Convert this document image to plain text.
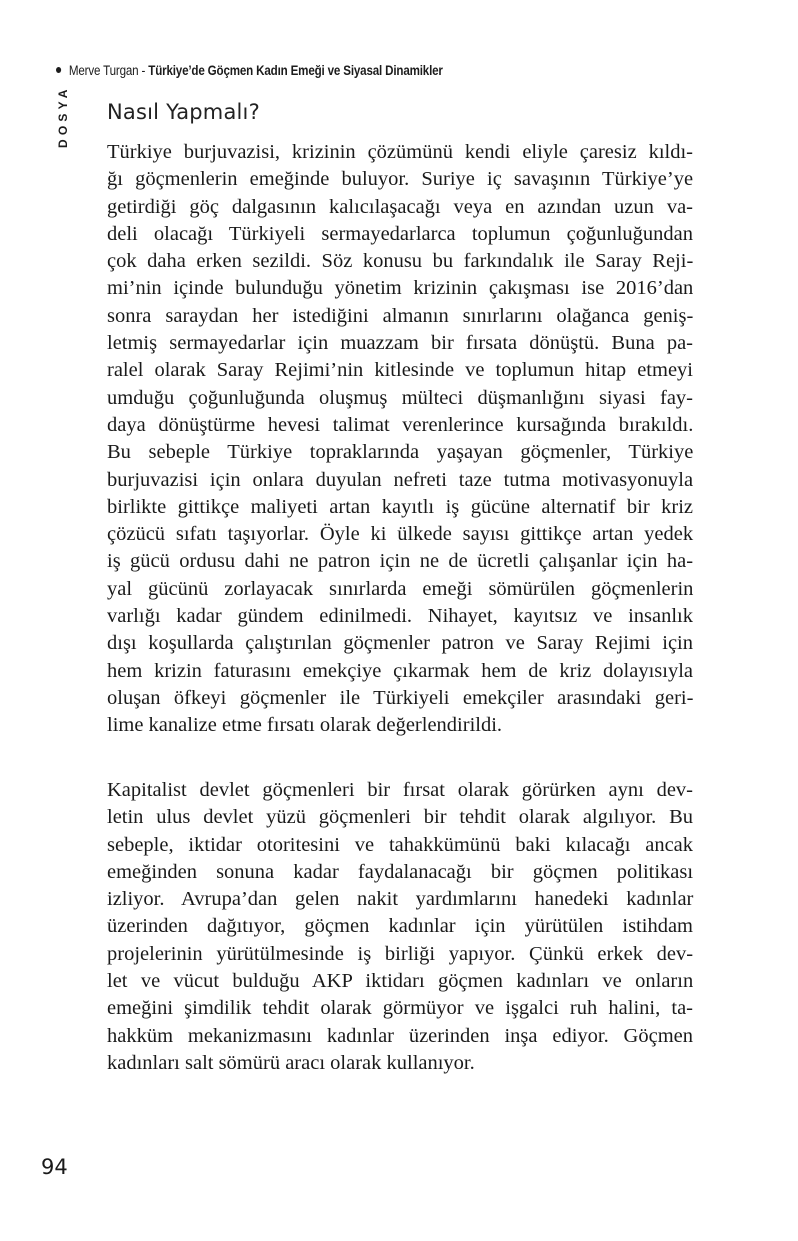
Merve Turgan - Türkiye’de Göçmen Kadın Emeği ve Siyasal Dinamikler
DOSYA Nasıl Yapmalı?
Türkiye burjuvazisi, krizinin çözümünü kendi eliyle çaresiz kıldı-
ğı göçmenlerin emeğinde buluyor. Suriye iç savaşının Türkiye’ye
getirdiği göç dalgasının kalıcılaşacağı veya en azından uzun va-
deli olacağı Türkiyeli sermayedarlarca toplumun çoğunluğundan
çok daha erken sezildi. Söz konusu bu farkındalık ile Saray Reji-
mi’nin içinde bulunduğu yönetim krizinin çakışması ise 2016’dan
sonra saraydan her istediğini almanın sınırlarını olağanca geniş-
letmiş sermayedarlar için muazzam bir fırsata dönüştü. Buna pa-
ralel olarak Saray Rejimi’nin kitlesinde ve toplumun hitap etmeyi
umduğu çoğunluğunda oluşmuş mülteci düşmanlığını siyasi fay-
daya dönüştürme hevesi talimat verenlerince kursağında bırakıldı.
Bu sebeple Türkiye topraklarında yaşayan göçmenler, Türkiye
burjuvazisi için onlara duyulan nefreti taze tutma motivasyonuyla
birlikte gittikçe maliyeti artan kayıtlı iş gücüne alternatif bir kriz
çözücü sıfatı taşıyorlar. Öyle ki ülkede sayısı gittikçe artan yedek
iş gücü ordusu dahi ne patron için ne de ücretli çalışanlar için ha-
yal gücünü zorlayacak sınırlarda emeği sömürülen göçmenlerin
varlığı kadar gündem edinilmedi. Nihayet, kayıtsız ve insanlık
dışı koşullarda çalıştırılan göçmenler patron ve Saray Rejimi için
hem krizin faturasını emekçiye çıkarmak hem de kriz dolayısıyla
oluşan öfkeyi göçmenler ile Türkiyeli emekçiler arasındaki geri-
lime kanalize etme fırsatı olarak değerlendirildi.
Kapitalist devlet göçmenleri bir fırsat olarak görürken aynı dev-
letin ulus devlet yüzü göçmenleri bir tehdit olarak algılıyor. Bu
sebeple, iktidar otoritesini ve tahakkümünü baki kılacağı ancak
emeğinden sonuna kadar faydalanacağı bir göçmen politikası
izliyor. Avrupa’dan gelen nakit yardımlarını hanedeki kadınlar
üzerinden dağıtıyor, göçmen kadınlar için yürütülen istihdam
projelerinin yürütülmesinde iş birliği yapıyor. Çünkü erkek dev-
let ve vücut bulduğu AKP iktidarı göçmen kadınları ve onların
emeğini şimdilik tehdit olarak görmüyor ve işgalci ruh halini, ta-
hakküm mekanizmasını kadınlar üzerinden inşa ediyor. Göçmen
kadınları salt sömürü aracı olarak kullanıyor.
94
